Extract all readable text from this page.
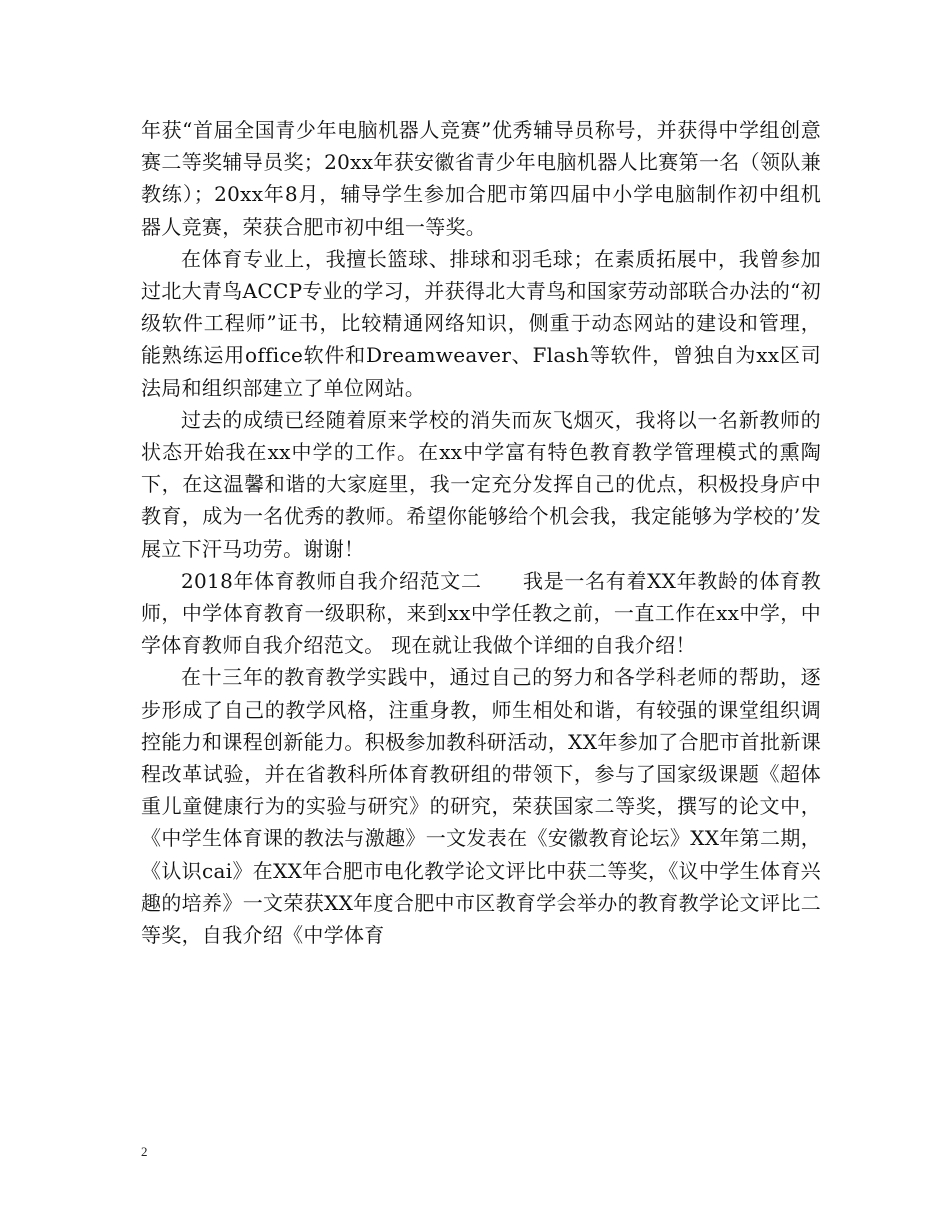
年获“首届全国青少年电脑机器人竞赛”优秀辅导员称号，并获得中学组创意赛二等奖辅导员奖；20xx年获安徽省青少年电脑机器人比赛第一名（领队兼教练）；20xx年8月，辅导学生参加合肥市第四届中小学电脑制作初中组机器人竞赛，荣获合肥市初中组一等奖。

在体育专业上，我擅长篮球、排球和羽毛球；在素质拓展中，我曾参加过北大青鸟ACCP专业的学习，并获得北大青鸟和国家劳动部联合办法的“初级软件工程师”证书，比较精通网络知识，侧重于动态网站的建设和管理，能熟练运用office软件和Dreamweaver、Flash等软件，曾独自为xx区司法局和组织部建立了单位网站。

过去的成绩已经随着原来学校的消失而灰飞烟灭，我将以一名新教师的状态开始我在xx中学的工作。在xx中学富有特色教育教学管理模式的熏陶下，在这温馨和谐的大家庭里，我一定充分发挥自己的优点，积极投身庐中教育，成为一名优秀的教师。希望你能够给个机会我，我定能够为学校的’发展立下汗马功劳。谢谢！

2018年体育教师自我介绍范文二　　我是一名有着XX年教龄的体育教师，中学体育教育一级职称，来到xx中学任教之前，一直工作在xx中学，中学体育教师自我介绍范文。 现在就让我做个详细的自我介绍！

在十三年的教育教学实践中，通过自己的努力和各学科老师的帮助，逐步形成了自己的教学风格，注重身教，师生相处和谐，有较强的课堂组织调控能力和课程创新能力。积极参加教科研活动，XX年参加了合肥市首批新课程改革试验，并在省教科所体育教研组的带领下，参与了国家级课题《超体重儿童健康行为的实验与研究》的研究，荣获国家二等奖，撰写的论文中，《中学生体育课的教法与激趣》一文发表在《安徽教育论坛》XX年第二期，《认识cai》在XX年合肥市电化教学论文评比中获二等奖，《议中学生体育兴趣的培养》一文荣获XX年度合肥中市区教育学会举办的教育教学论文评比二等奖，自我介绍《中学体育

2
